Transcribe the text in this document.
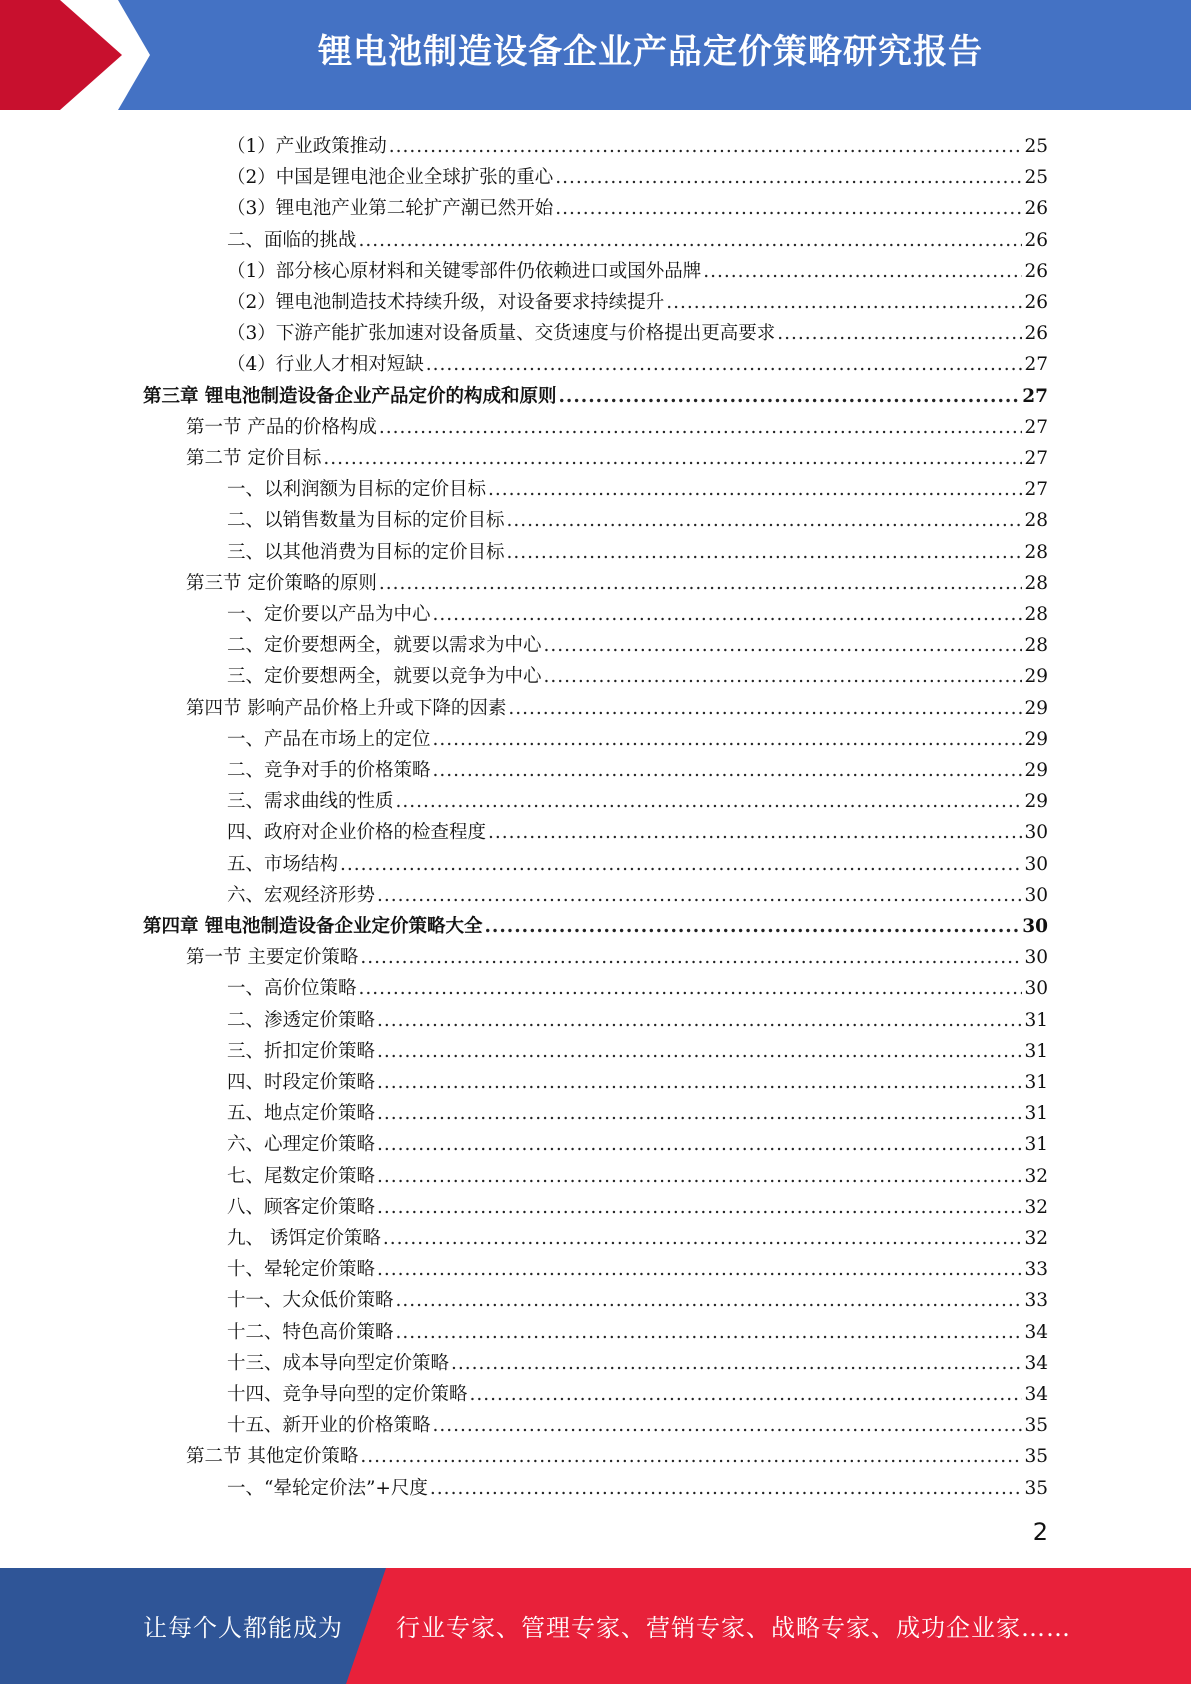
锂电池制造设备企业产品定价策略研究报告
（1）产业政策推动 .....	25
（2）中国是锂电池企业全球扩张的重心 .....	25
（3）锂电池产业第二轮扩产潮已然开始 .....	26
二、面临的挑战 .....	26
（1）部分核心原材料和关键零部件仍依赖进口或国外品牌 .....	26
（2）锂电池制造技术持续升级，对设备要求持续提升 .....	26
（3）下游产能扩张加速对设备质量、交货速度与价格提出更高要求 .....	26
（4）行业人才相对短缺 .....	27
第三章 锂电池制造设备企业产品定价的构成和原则 .....	27
第一节 产品的价格构成 .....	27
第二节 定价目标 .....	27
一、以利润额为目标的定价目标 .....	27
二、以销售数量为目标的定价目标 .....	28
三、以其他消费为目标的定价目标 .....	28
第三节 定价策略的原则 .....	28
一、定价要以产品为中心 .....	28
二、定价要想两全，就要以需求为中心 .....	28
三、定价要想两全，就要以竞争为中心 .....	29
第四节 影响产品价格上升或下降的因素 .....	29
一、产品在市场上的定位 .....	29
二、竞争对手的价格策略 .....	29
三、需求曲线的性质 .....	29
四、政府对企业价格的检查程度 .....	30
五、市场结构 .....	30
六、宏观经济形势 .....	30
第四章 锂电池制造设备企业定价策略大全 .....	30
第一节 主要定价策略 .....	30
一、高价位策略 .....	30
二、渗透定价策略 .....	31
三、折扣定价策略 .....	31
四、时段定价策略 .....	31
五、地点定价策略 .....	31
六、心理定价策略 .....	31
七、尾数定价策略 .....	32
八、顾客定价策略 .....	32
九、 诱饵定价策略 .....	32
十、晕轮定价策略 .....	33
十一、大众低价策略 .....	33
十二、特色高价策略 .....	34
十三、成本导向型定价策略 .....	34
十四、竞争导向型的定价策略 .....	34
十五、新开业的价格策略 .....	35
第二节 其他定价策略 .....	35
一、“晕轮定价法”+尺度 .....	35
2
让每个人都能成为 行业专家、管理专家、营销专家、战略专家、成功企业家……
